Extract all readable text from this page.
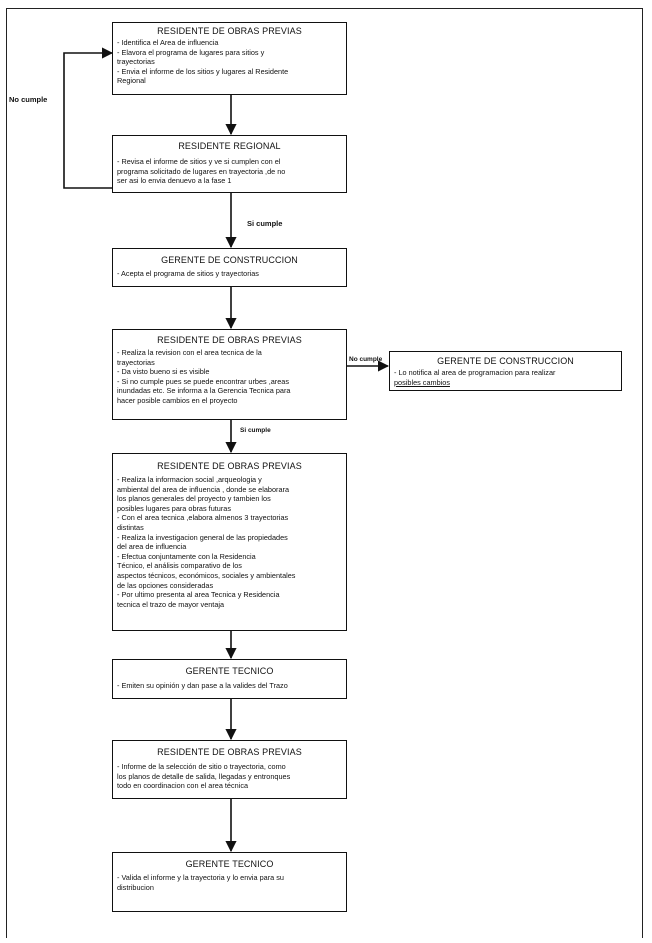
RESIDENTE DE OBRAS PREVIAS
- Identifica el Area de influencia
- Elavora el programa de lugares para sitios y
trayectorias
- Envia el informe de los sitios y lugares al Residente
Regional
RESIDENTE REGIONAL
- Revisa el informe de sitios y ve si cumplen con el
programa solicitado de lugares en trayectoria ,de no
ser asi lo envia denuevo a la fase 1
GERENTE DE CONSTRUCCION
- Acepta el programa de sitios y trayectorias
RESIDENTE DE OBRAS PREVIAS
- Realiza la revision con el area tecnica de la
trayectorias
- Da visto bueno si es visible
- Si no cumple pues se puede encontrar urbes ,areas
inundadas etc. Se informa a la Gerencia Tecnica para
hacer posible cambios en el proyecto
GERENTE DE CONSTRUCCION
- Lo notifica al area de programacion para realizar
posibles cambios
RESIDENTE DE OBRAS PREVIAS
- Realiza la informacion social ,arqueologia y
ambiental del area de influencia , donde se elaborara
los planos generales del proyecto y tambien los
posibles lugares para obras futuras
- Con el area tecnica ,elabora almenos 3 trayectorias
distintas
- Realiza la investigacion general de las propiedades
del area de influencia
- Efectua conjuntamente con la Residencia
Técnico, el análisis comparativo de los
aspectos técnicos, económicos, sociales y ambientales
de las opciones consideradas
- Por ultimo presenta al area Tecnica y Residencia
tecnica el trazo de mayor ventaja
GERENTE TECNICO
- Emiten su opinión y dan pase a la valides del Trazo
RESIDENTE DE OBRAS PREVIAS
- Informe de la selección de sitio o trayectoria, como
los planos de detalle de salida, llegadas y entronques
todo en coordinacion con el area técnica
GERENTE TECNICO
- Valida el informe y la trayectoria y lo envia para su
distribucion
No cumple
Si cumple
No cumple
Si cumple
